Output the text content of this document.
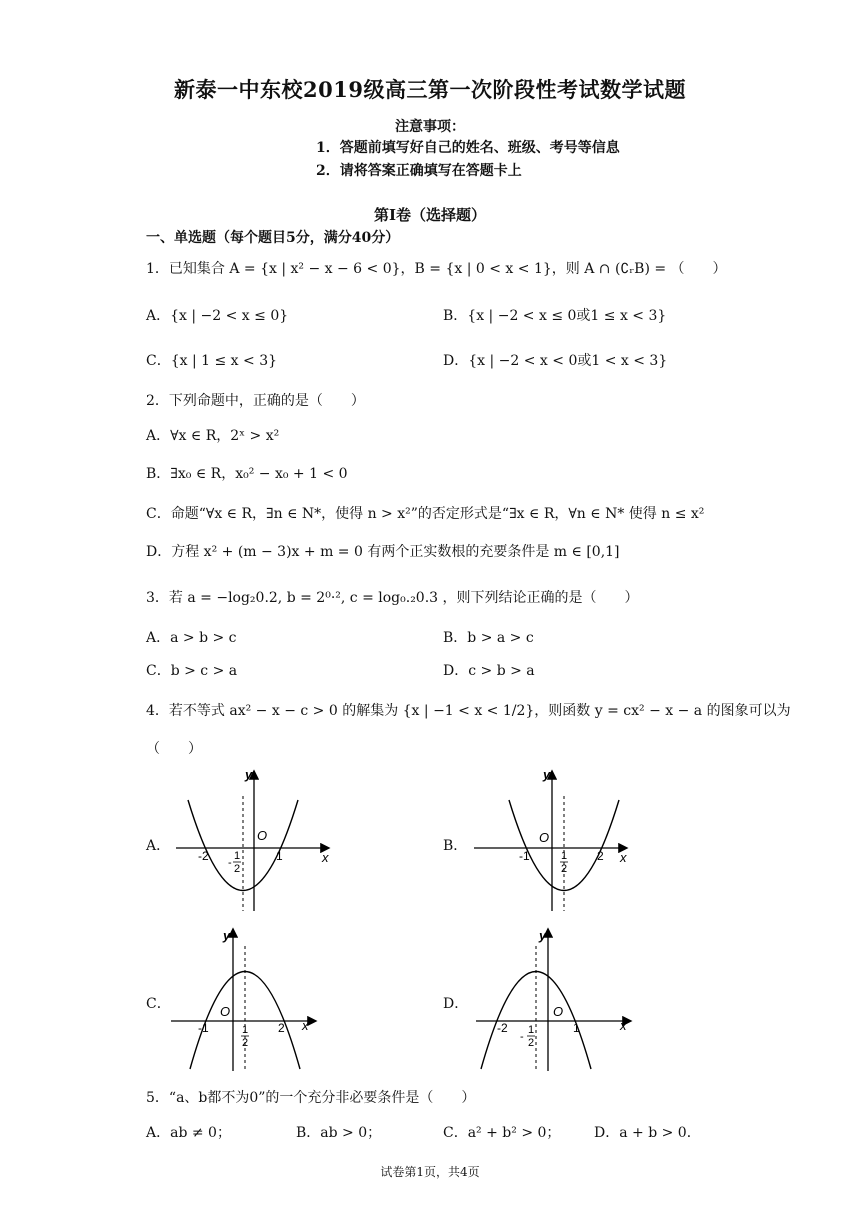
新泰一中东校2019级高三第一次阶段性考试数学试题
注意事项：
1．答题前填写好自己的姓名、班级、考号等信息
2．请将答案正确填写在答题卡上
第Ⅰ卷（选择题）
一、单选题（每个题目5分，满分40分）
1．已知集合 A = {x | x² − x − 6 < 0}，B = {x | 0 < x < 1}，则 A ∩ (∁ᵣB) = （　　）
A．{x | −2 < x ≤ 0}	B．{x | −2 < x ≤ 0或1 ≤ x < 3}
C．{x | 1 ≤ x < 3}	D．{x | −2 < x < 0或1 < x < 3}
2．下列命题中，正确的是（　　）
A．∀x ∈ R，2ˣ > x²
B．∃x₀ ∈ R，x₀² − x₀ + 1 < 0
C．命题“∀x ∈ R，∃n ∈ N*，使得 n > x²”的否定形式是“∃x ∈ R，∀n ∈ N* 使得 n ≤ x²
D．方程 x² + (m − 3)x + m = 0 有两个正实数根的充要条件是 m ∈ [0,1]
3．若 a = −log₂0.2, b = 2⁰·², c = log₀.₂0.3 ，则下列结论正确的是（　　）
A．a > b > c	B．b > a > c
C．b > c > a	D．c > b > a
4．若不等式 ax² − x − c > 0 的解集为 {x | −1 < x < 1/2}，则函数 y = cx² − x − a 的图象可以为
（　　）
A．	B．
C．	D．
y
x
O
-2	1
-
1
2
y
x
O
-1	2
1
2
y
x
O
-1	2
1
2
y
x
O
-2	1
-
1
2
5．“a、b都不为0”的一个充分非必要条件是（　　）
A．ab ≠ 0；	B．ab > 0；	C．a² + b² > 0； D．a + b > 0．
试卷第1页，共4页
